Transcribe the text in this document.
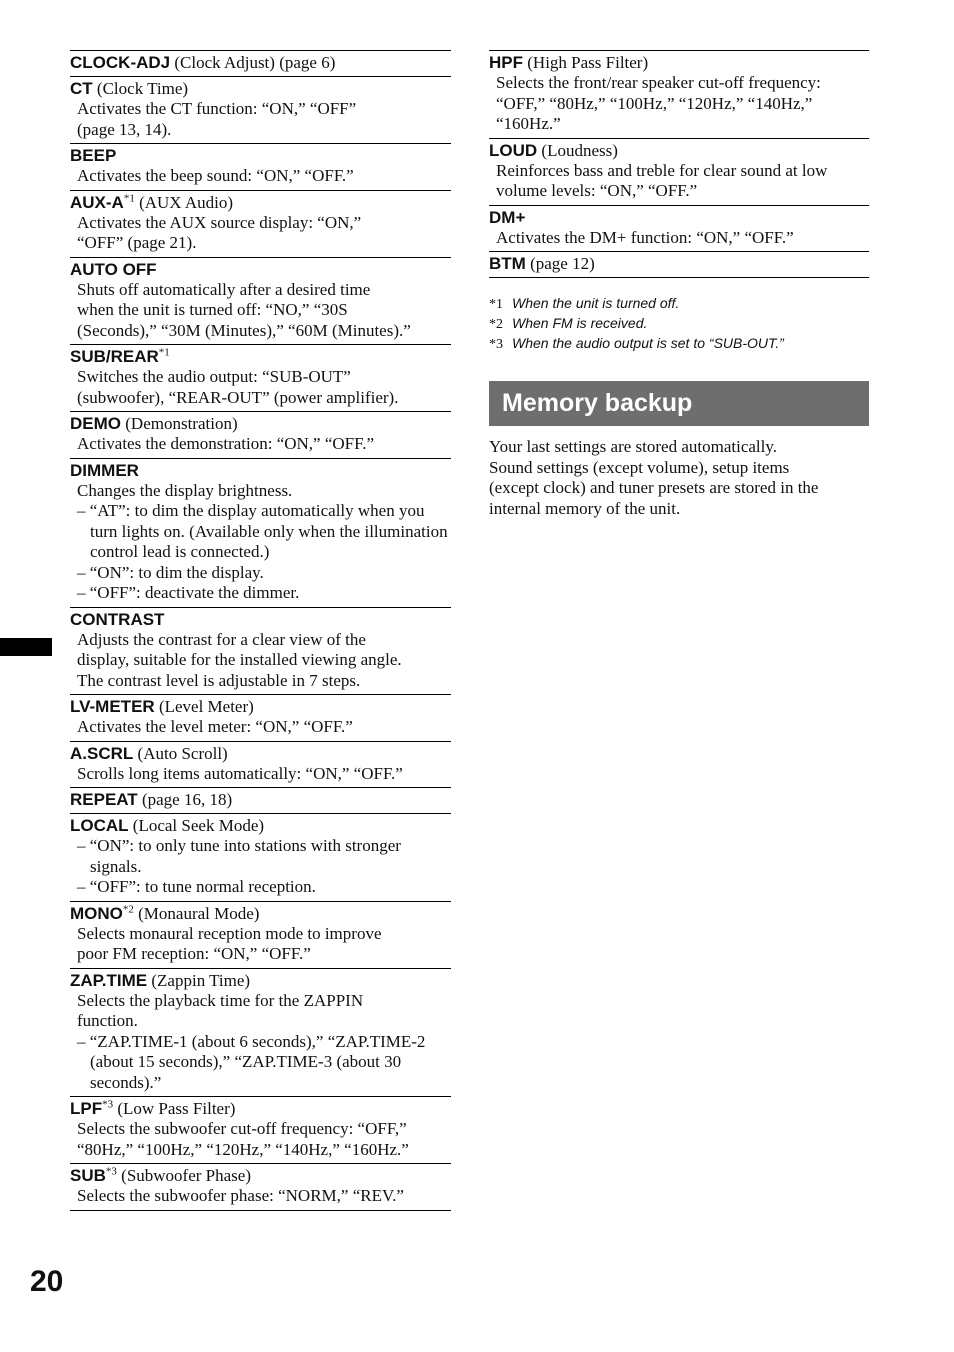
CLOCK-ADJ (Clock Adjust) (page 6)
CT (Clock Time)
Activates the CT function: “ON,” “OFF”
(page 13, 14).
BEEP
Activates the beep sound: “ON,” “OFF.”
AUX-$A^{*1}$ (AUX Audio)
Activates the AUX source display: “ON,”
“OFF” (page 21).
AUTO OFF
Shuts off automatically after a desired time
when the unit is turned off: “NO,” “30S
(Seconds),” “30M (Minutes),” “60M (Minutes).”
SUB/REAR$^{*1}$
Switches the audio output: “SUB-OUT”
(subwoofer), “REAR-OUT” (power amplifier).
DEMO (Demonstration)
Activates the demonstration: “ON,” “OFF.”
DIMMER
Changes the display brightness.
– “AT”: to dim the display automatically when you turn lights on. (Available only when the illumination control lead is connected.)
– “ON”: to dim the display.
– “OFF”: deactivate the dimmer.
CONTRAST
Adjusts the contrast for a clear view of the
display, suitable for the installed viewing angle.
The contrast level is adjustable in 7 steps.
LV-METER (Level Meter)
Activates the level meter: “ON,” “OFF.”
A.SCRL (Auto Scroll)
Scrolls long items automatically: “ON,” “OFF.”
REPEAT (page 16, 18)
LOCAL (Local Seek Mode)
– “ON”: to only tune into stations with stronger signals.
– “OFF”: to tune normal reception.
MONO$^{*2}$ (Monaural Mode)
Selects monaural reception mode to improve
poor FM reception: “ON,” “OFF.”
ZAP.TIME (Zappin Time)
Selects the playback time for the ZAPPIN
function.
– “ZAP.TIME-1 (about 6 seconds),” “ZAP.TIME-2 (about 15 seconds),” “ZAP.TIME-3 (about 30 seconds).”
LPF$^{*3}$ (Low Pass Filter)
Selects the subwoofer cut-off frequency: “OFF,”
“80Hz,” “100Hz,” “120Hz,” “140Hz,” “160Hz.”
SUB$^{*3}$ (Subwoofer Phase)
Selects the subwoofer phase: “NORM,” “REV.”
HPF (High Pass Filter)
Selects the front/rear speaker cut-off frequency:
“OFF,” “80Hz,” “100Hz,” “120Hz,” “140Hz,”
“160Hz.”
LOUD (Loudness)
Reinforces bass and treble for clear sound at low
volume levels: “ON,” “OFF.”
DM+
Activates the DM+ function: “ON,” “OFF.”
BTM (page 12)
*1 When the unit is turned off.
*2 When FM is received.
*3 When the audio output is set to “SUB-OUT.”
Memory backup
Your last settings are stored automatically.
Sound settings (except volume), setup items
(except clock) and tuner presets are stored in the
internal memory of the unit.
20
